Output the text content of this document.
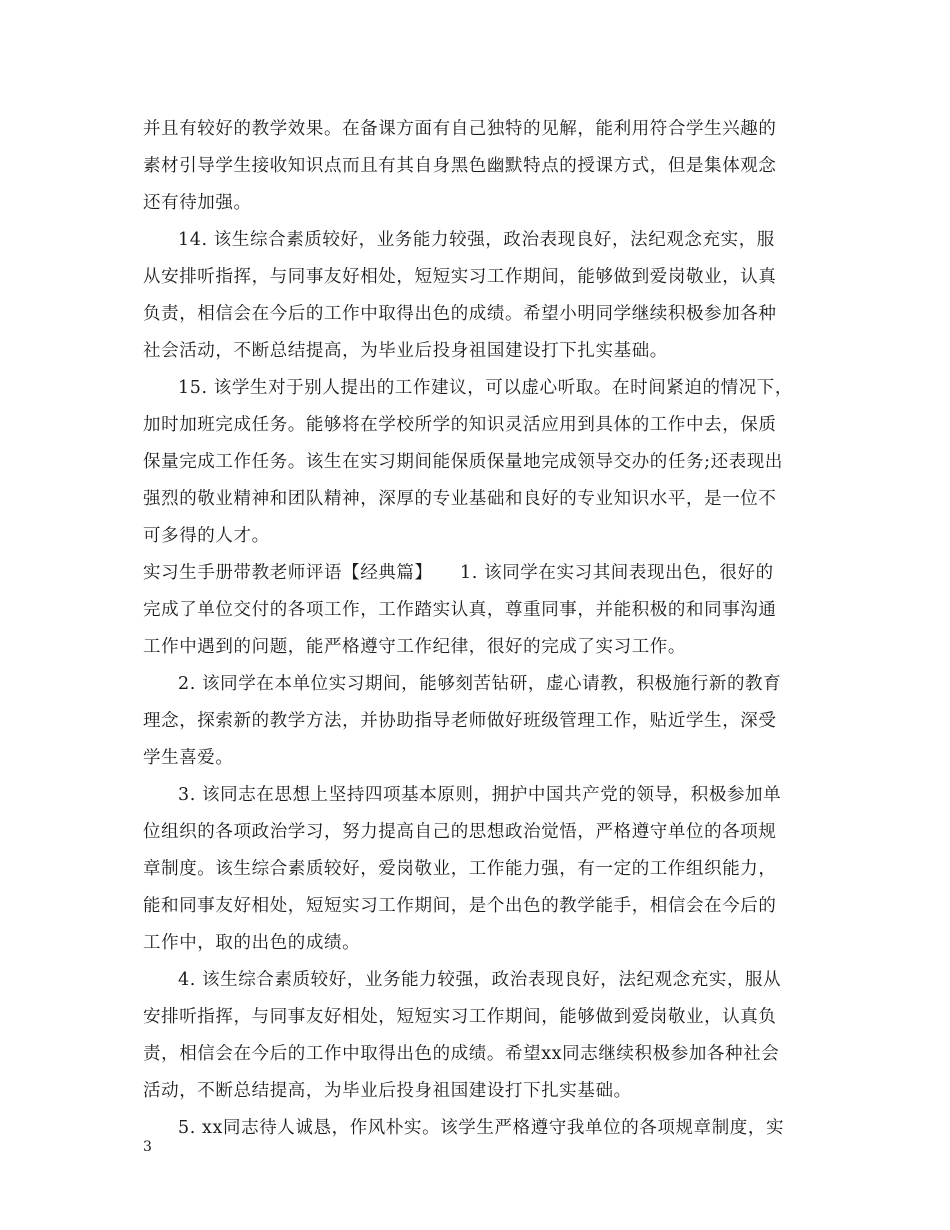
并且有较好的教学效果。在备课方面有自己独特的见解，能利用符合学生兴趣的
素材引导学生接收知识点而且有其自身黑色幽默特点的授课方式，但是集体观念
还有待加强。
14. 该生综合素质较好，业务能力较强，政治表现良好，法纪观念充实，服
从安排听指挥，与同事友好相处，短短实习工作期间，能够做到爱岗敬业，认真
负责，相信会在今后的工作中取得出色的成绩。希望小明同学继续积极参加各种
社会活动，不断总结提高，为毕业后投身祖国建设打下扎实基础。
15. 该学生对于别人提出的工作建议，可以虚心听取。在时间紧迫的情况下，
加时加班完成任务。能够将在学校所学的知识灵活应用到具体的工作中去，保质
保量完成工作任务。该生在实习期间能保质保量地完成领导交办的任务;还表现出
强烈的敬业精神和团队精神，深厚的专业基础和良好的专业知识水平，是一位不
可多得的人才。
实习生手册带教老师评语【经典篇】　　1. 该同学在实习其间表现出色，很好的
完成了单位交付的各项工作，工作踏实认真，尊重同事，并能积极的和同事沟通
工作中遇到的问题，能严格遵守工作纪律，很好的完成了实习工作。
2. 该同学在本单位实习期间，能够刻苦钻研，虚心请教，积极施行新的教育
理念，探索新的教学方法，并协助指导老师做好班级管理工作，贴近学生，深受
学生喜爱。
3. 该同志在思想上坚持四项基本原则，拥护中国共产党的领导，积极参加单
位组织的各项政治学习，努力提高自己的思想政治觉悟，严格遵守单位的各项规
章制度。该生综合素质较好，爱岗敬业，工作能力强，有一定的工作组织能力，
能和同事友好相处，短短实习工作期间，是个出色的教学能手，相信会在今后的
工作中，取的出色的成绩。
4. 该生综合素质较好，业务能力较强，政治表现良好，法纪观念充实，服从
安排听指挥，与同事友好相处，短短实习工作期间，能够做到爱岗敬业，认真负
责，相信会在今后的工作中取得出色的成绩。希望xx同志继续积极参加各种社会
活动，不断总结提高，为毕业后投身祖国建设打下扎实基础。
5. xx同志待人诚恳，作风朴实。该学生严格遵守我单位的各项规章制度，实
3
